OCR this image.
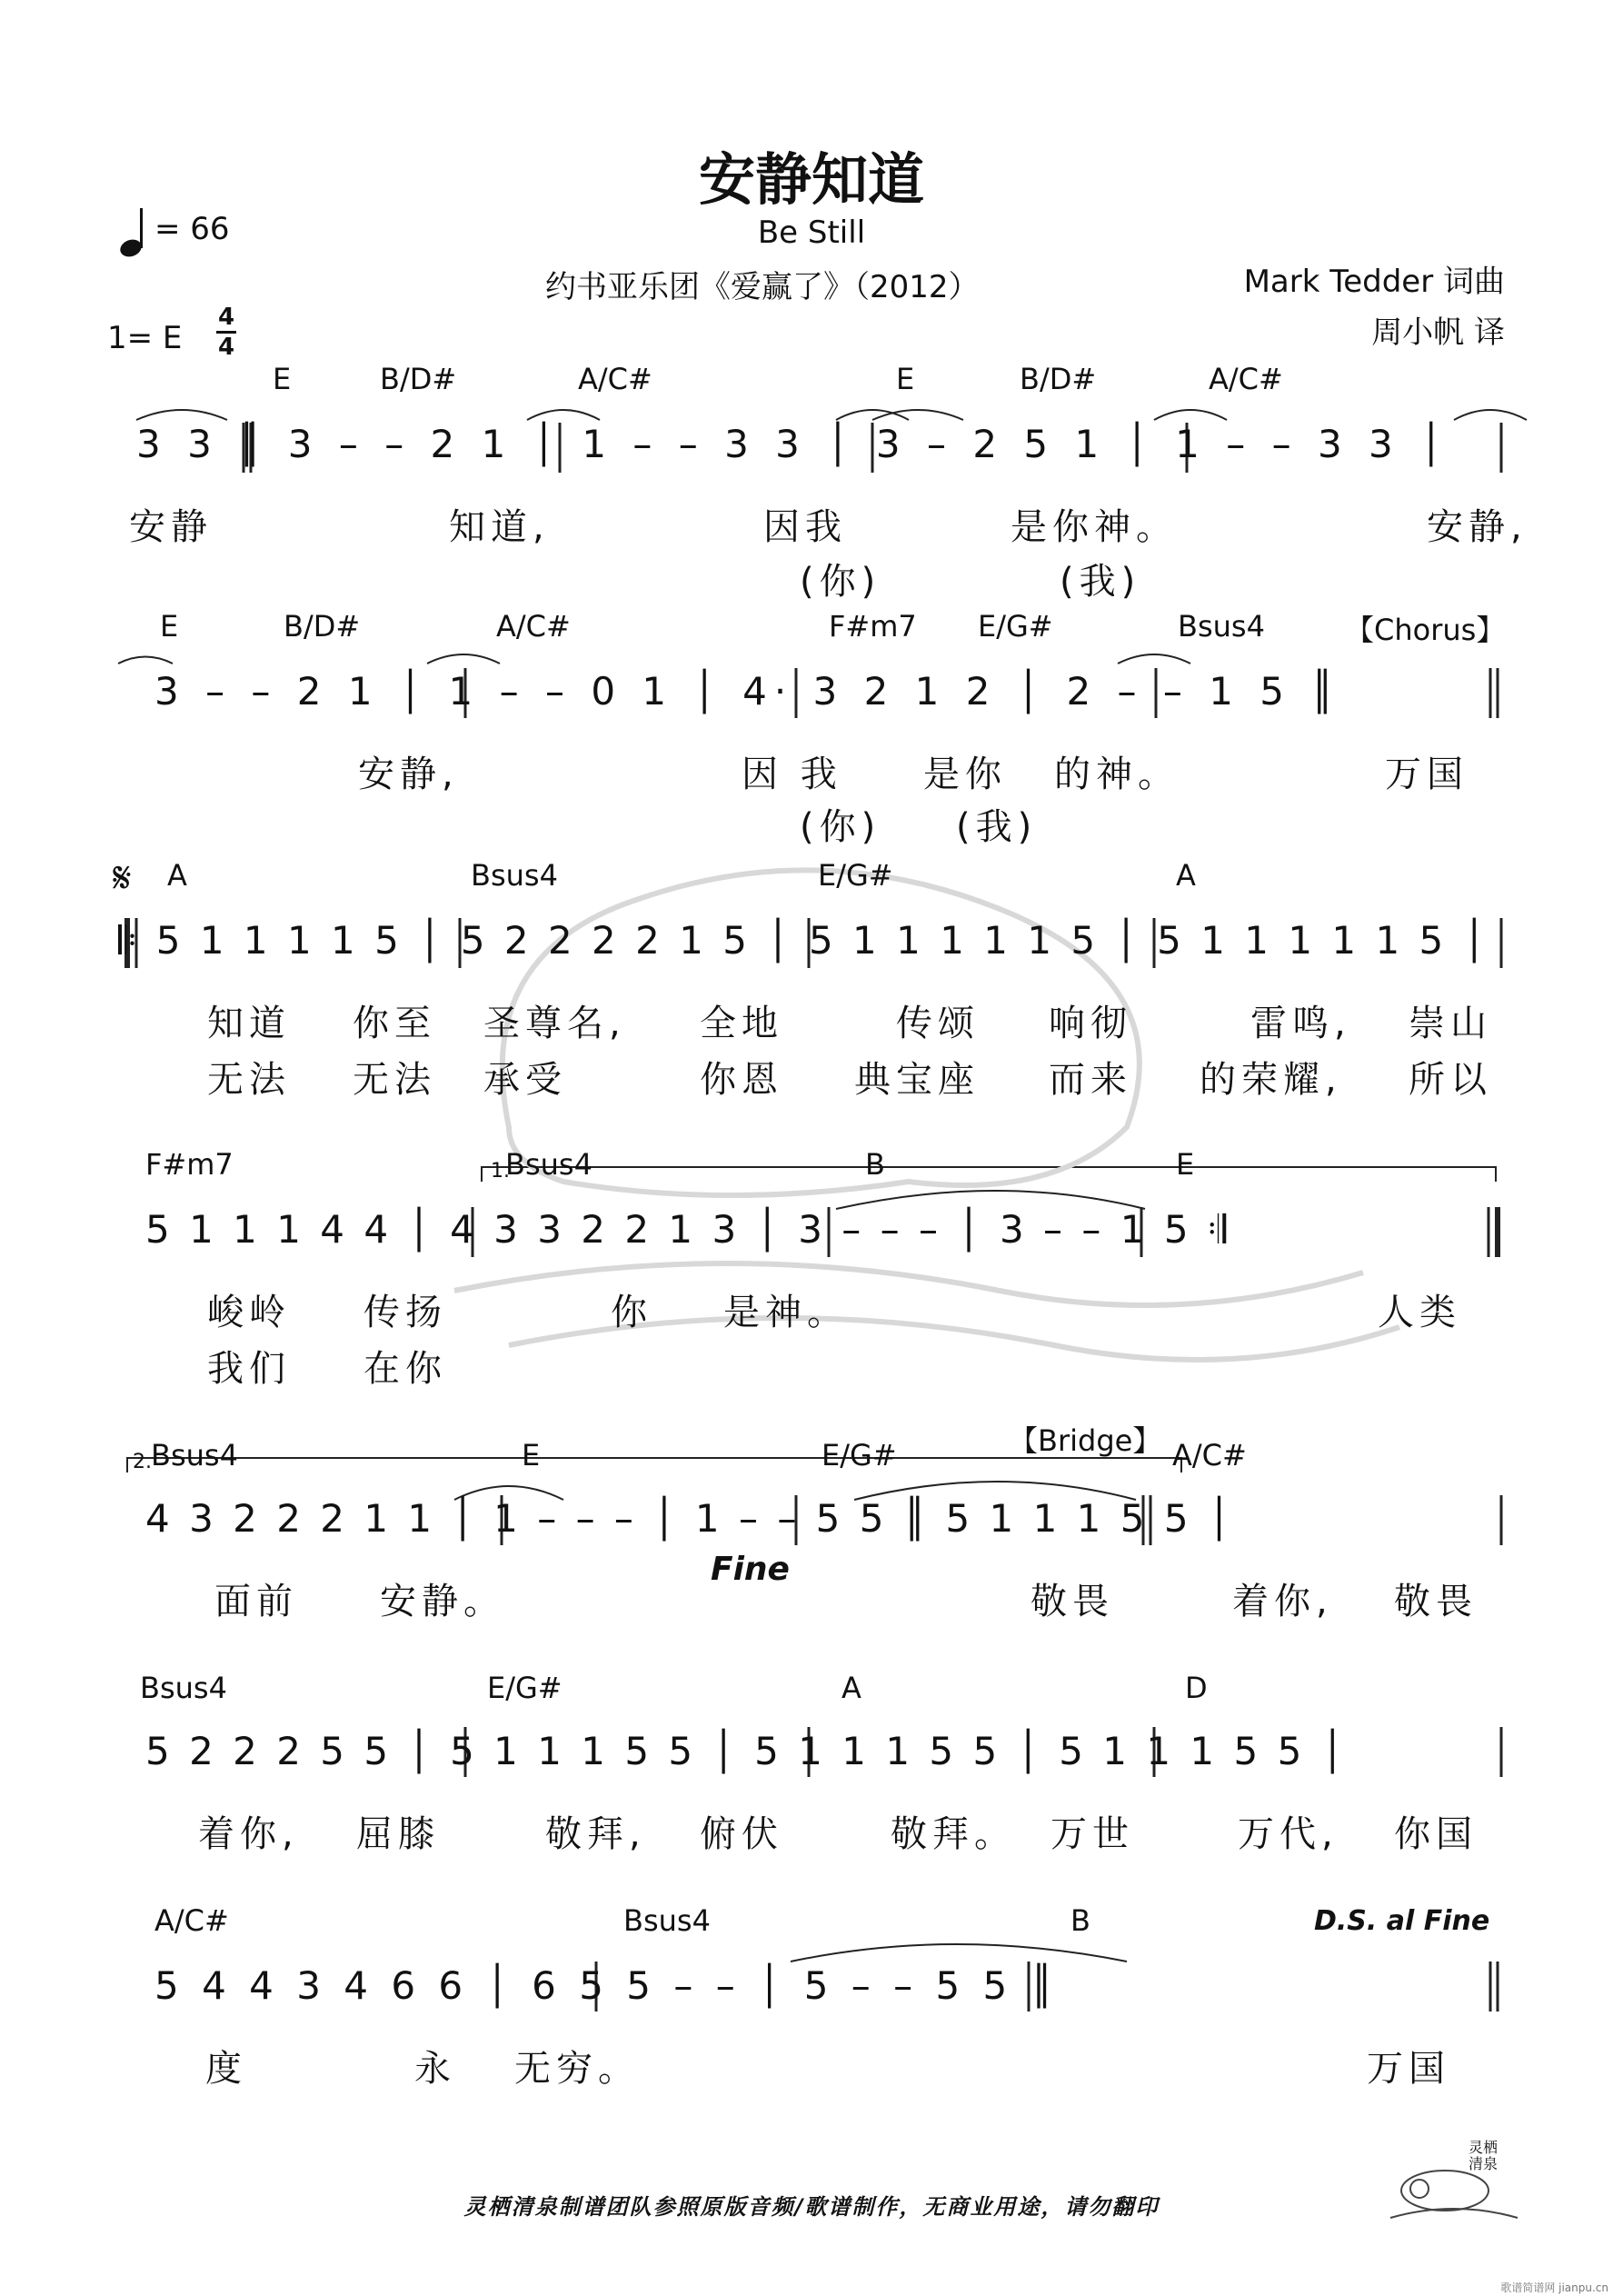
安静知道
Be Still
约书亚乐团《爱赢了》（2012）	Mark Tedder 词曲
周小帆 译
= 66
1= E
4
4
E	B/D#	A/C#	E	B/D#	A/C#
3 3 ║ 3 – – 2 1 │ 1 – – 3 3 │ 3 – 2 5 1 │ 1 – – 3 3 │
安静	知道,	因我	是你神。	安静,
(你)	(我)
E	B/D#	A/C#	F#m7 E/G#	Bsus4	【Chorus】
3 – – 2 1 │ 1 – – 0 1 │ 4· 3 2 1 2 │ 2 – – 1 5 ║
安静,	因 我 是你 的神。	万国
(你) (我)
𝄋 A	Bsus4	E/G#	A
𝄆 5 1 1 1 1 5 │ 5 2 2 2 2 1 5 │ 5 1 1 1 1 1 5 │ 5 1 1 1 1 1 5 │
知道 你至 圣尊名, 全地	传颂 响彻	雷鸣, 崇山
无法 无法 承受	你恩 典宝座 而来 的荣耀, 所以
F#m7	1.
Bsus4	B	E
5 1 1 1 4 4 │ 4 3 3 2 2 1 3 │ 3 – – – │ 3 – – 1 5 𝄇
峻岭 传扬	你 是神。	人类
我们 在你
2. Bsus4	E	E/G#	【Bridge】 A/C#
4 3 2 2 2 1 1 │ 1 – – – │ 1 – – 5 5 ║ 5 1 1 1 5 5 │
Fine
面前 安静。	敬畏	着你, 敬畏
Bsus4	E/G#	A	D
5 2 2 2 5 5 │ 5 1 1 1 5 5 │ 5 1 1 1 5 5 │ 5 1 1 1 5 5 │
着你, 屈膝	敬拜, 俯伏	敬拜。 万世	万代, 你国
A/C#	Bsus4	B	D.S. al Fine
5 4 4 3 4 6 6 │ 6 5 5 – – │ 5 – – 5 5 ║
度	永 无穷。	万国
灵栖清泉制谱团队参照原版音频/歌谱制作，无商业用途，请勿翻印
灵栖清泉
歌谱简谱网 jianpu.cn
